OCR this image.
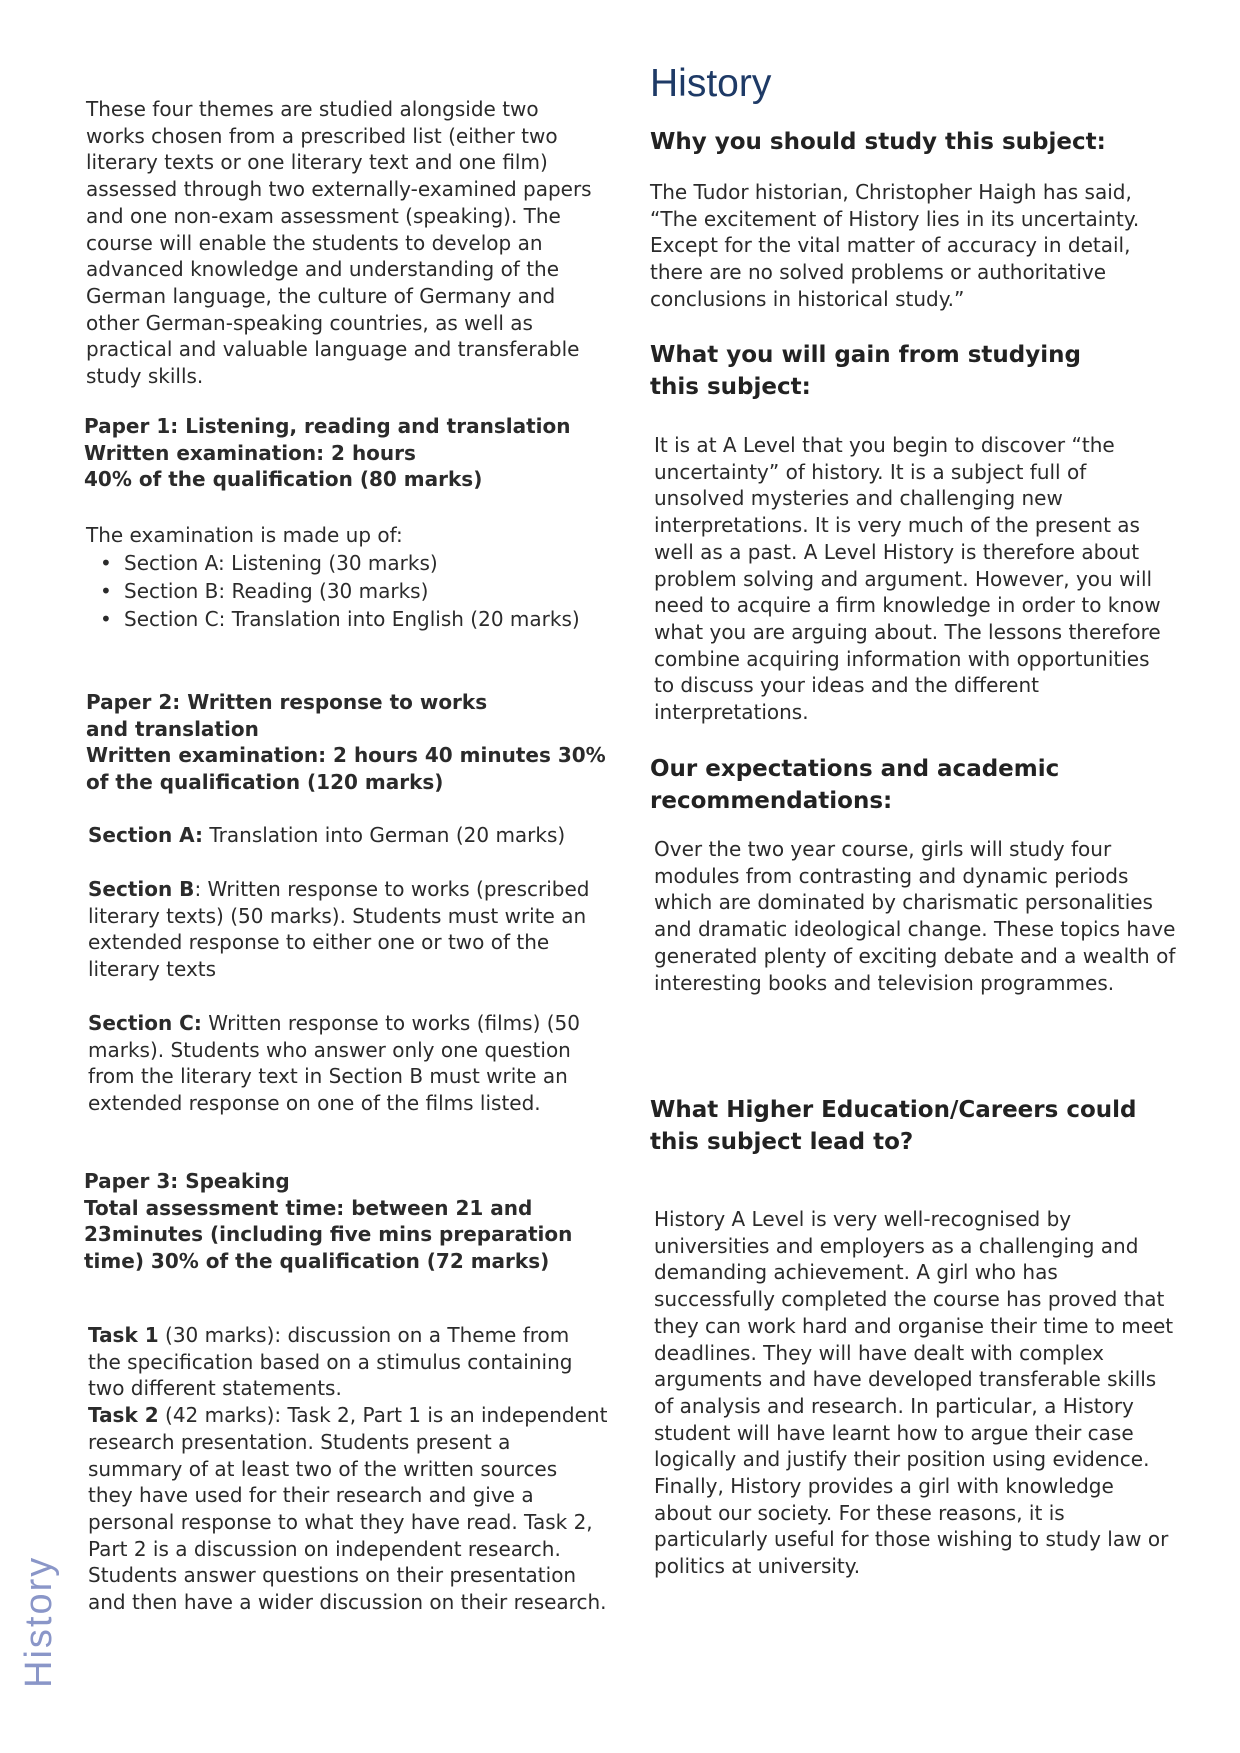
These four themes are studied alongside two works chosen from a prescribed list (either two literary texts or one literary text and one film) assessed through two externally-examined papers and one non-exam assessment (speaking). The course will enable the students to develop an advanced knowledge and understanding of the German language, the culture of Germany and other German-speaking countries, as well as practical and valuable language and transferable study skills.

Paper 1: Listening, reading and translation

Written examination: 2 hours

40% of the qualification (80 marks)

The examination is made up of:

• Section A: Listening (30 marks)
• Section B: Reading (30 marks)
• Section C: Translation into English (20 marks)

Paper 2: Written response to works and translation

Written examination: 2 hours 40 minutes 30% of the qualification (120 marks)

Section A: Translation into German (20 marks)

Section B: Written response to works (prescribed literary texts) (50 marks). Students must write an extended response to either one or two of the literary texts

Section C: Written response to works (films) (50 marks). Students who answer only one question from the literary text in Section B must write an extended response on one of the films listed.

Paper 3: Speaking

Total assessment time: between 21 and 23minutes (including five mins preparation time) 30% of the qualification (72 marks)

Task 1 (30 marks): discussion on a Theme from the specification based on a stimulus containing two different statements.
Task 2 (42 marks): Task 2, Part 1 is an independent research presentation. Students present a summary of at least two of the written sources they have used for their research and give a personal response to what they have read. Task 2, Part 2 is a discussion on independent research. Students answer questions on their presentation and then have a wider discussion on their research.

History

Why you should study this subject:

The Tudor historian, Christopher Haigh has said, “The excitement of History lies in its uncertainty. Except for the vital matter of accuracy in detail, there are no solved problems or authoritative conclusions in historical study.”

What you will gain from studying this subject:

It is at A Level that you begin to discover “the uncertainty” of history. It is a subject full of unsolved mysteries and challenging new interpretations. It is very much of the present as well as a past. A Level History is therefore about problem solving and argument. However, you will need to acquire a firm knowledge in order to know what you are arguing about. The lessons therefore combine acquiring information with opportunities to discuss your ideas and the different interpretations.

Our expectations and academic recommendations:

Over the two year course, girls will study four modules from contrasting and dynamic periods which are dominated by charismatic personalities and dramatic ideological change. These topics have generated plenty of exciting debate and a wealth of interesting books and television programmes.

What Higher Education/Careers could this subject lead to?

History A Level is very well-recognised by universities and employers as a challenging and demanding achievement. A girl who has successfully completed the course has proved that they can work hard and organise their time to meet deadlines. They will have dealt with complex arguments and have developed transferable skills of analysis and research. In particular, a History student will have learnt how to argue their case logically and justify their position using evidence. Finally, History provides a girl with knowledge about our society. For these reasons, it is particularly useful for those wishing to study law or politics at university.

History
